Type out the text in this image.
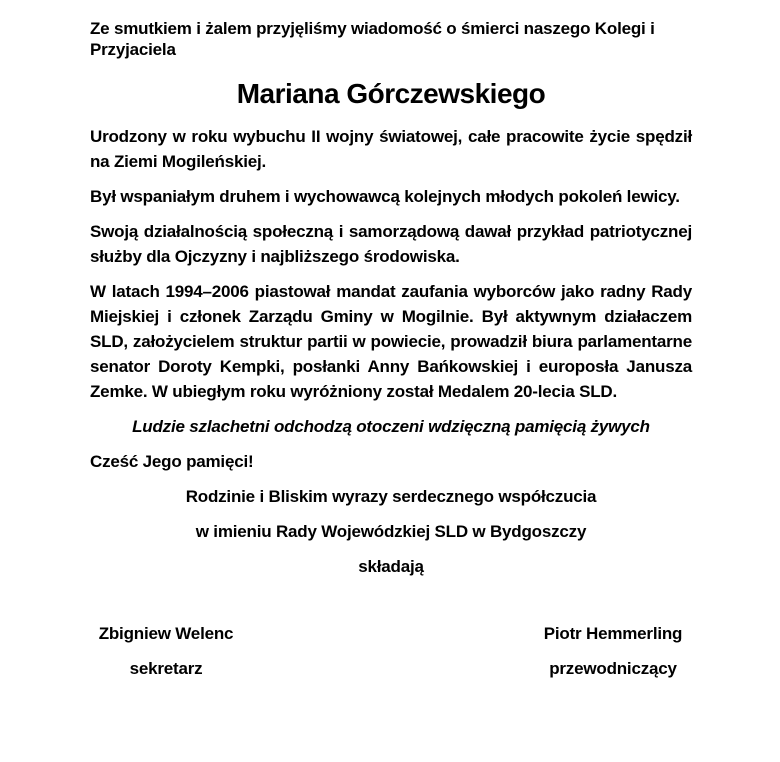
Ze smutkiem i żalem przyjęliśmy wiadomość o śmierci naszego Kolegi i Przyjaciela

Mariana Górczewskiego

Urodzony w roku wybuchu II wojny światowej, całe pracowite życie spędził na Ziemi Mogileńskiej.

Był wspaniałym druhem i wychowawcą kolejnych młodych pokoleń lewicy.

Swoją działalnością społeczną i samorządową dawał przykład patriotycznej służby dla Ojczyzny i najbliższego środowiska.

W latach 1994–2006 piastował mandat zaufania wyborców jako radny Rady Miejskiej i członek Zarządu Gminy w Mogilnie. Był aktywnym działaczem SLD, założycielem struktur partii w powiecie, prowadził biura parlamentarne senator Doroty Kempki, posłanki Anny Bańkowskiej i europosła Janusza Zemke. W ubiegłym roku wyróżniony został Medalem 20-lecia SLD.

Ludzie szlachetni odchodzą otoczeni wdzięczną pamięcią żywych

Cześć Jego pamięci!

Rodzinie i Bliskim wyrazy serdecznego współczucia

w imieniu Rady Wojewódzkiej SLD w Bydgoszczy

składają

Zbigniew Welenc
sekretarz
Piotr Hemmerling
przewodniczący
